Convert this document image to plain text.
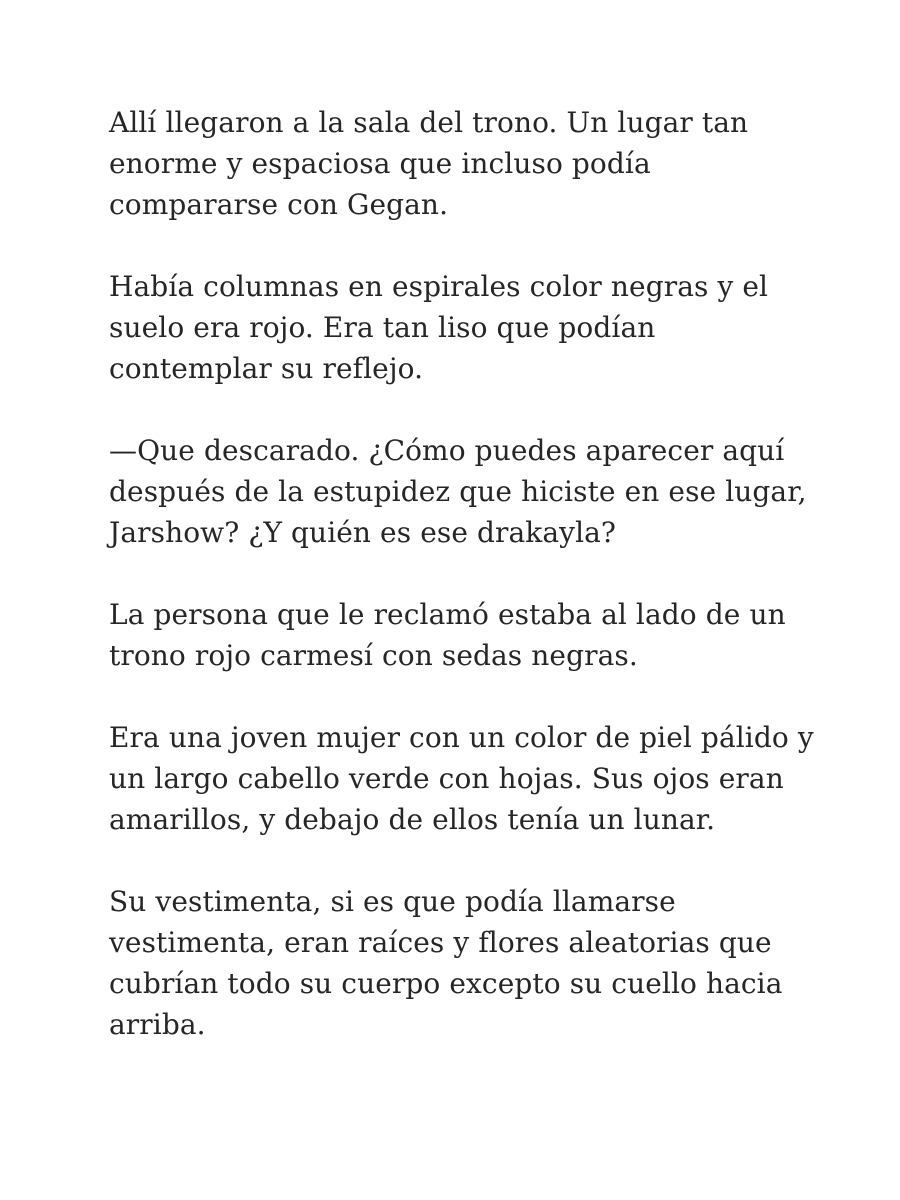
Allí llegaron a la sala del trono. Un lugar tan
enorme y espaciosa que incluso podía
compararse con Gegan.

Había columnas en espirales color negras y el
suelo era rojo. Era tan liso que podían
contemplar su reflejo.

—Que descarado. ¿Cómo puedes aparecer aquí
después de la estupidez que hiciste en ese lugar,
Jarshow? ¿Y quién es ese drakayla?

La persona que le reclamó estaba al lado de un
trono rojo carmesí con sedas negras.

Era una joven mujer con un color de piel pálido y
un largo cabello verde con hojas. Sus ojos eran
amarillos, y debajo de ellos tenía un lunar.

Su vestimenta, si es que podía llamarse
vestimenta, eran raíces y flores aleatorias que
cubrían todo su cuerpo excepto su cuello hacia
arriba.
